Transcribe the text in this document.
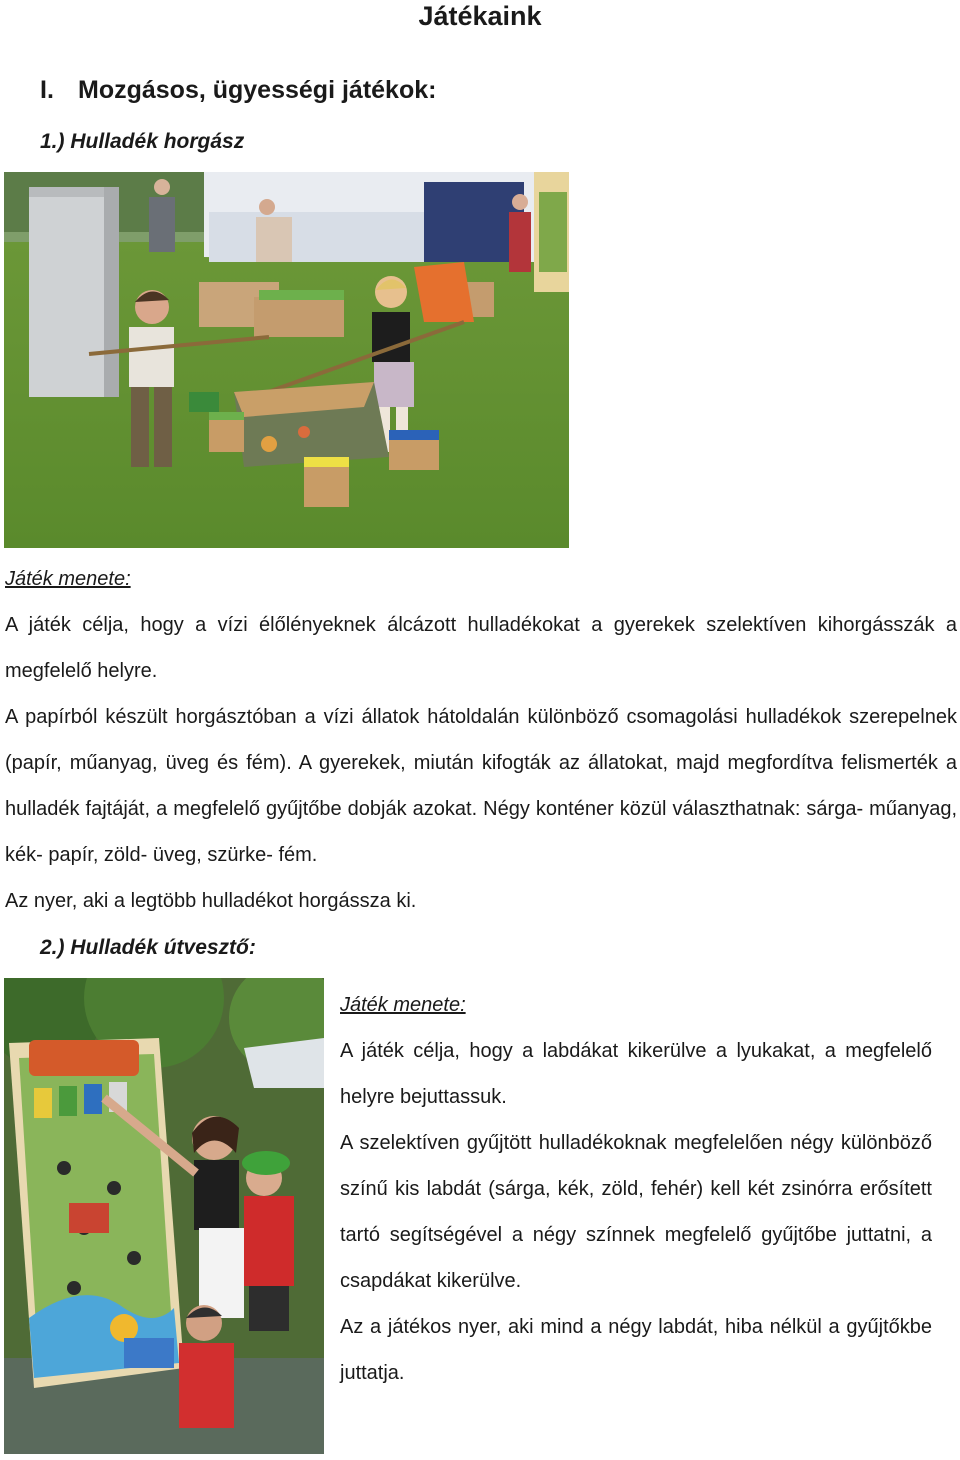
Játékaink
I. Mozgásos, ügyességi játékok:
1.) Hulladék horgász
Játék menete:

A játék célja, hogy a vízi élőlényeknek álcázott hulladékokat a gyerekek szelektíven kihorgásszák a megfelelő helyre.

A papírból készült horgásztóban a vízi állatok hátoldalán különböző csomagolási hulladékok szerepelnek (papír, műanyag, üveg és fém). A gyerekek, miután kifogták az állatokat, majd megfordítva felismerték a hulladék fajtáját, a megfelelő gyűjtőbe dobják azokat. Négy konténer közül választhatnak: sárga- műanyag, kék- papír, zöld- üveg, szürke- fém.

Az nyer, aki a legtöbb hulladékot horgássza ki.

2.) Hulladék útvesztő:
Játék menete:

A játék célja, hogy a labdákat kikerülve a lyukakat, a megfelelő helyre bejuttassuk.

A szelektíven gyűjtött hulladékoknak megfelelően négy különböző színű kis labdát (sárga, kék, zöld, fehér) kell két zsinórra erősített tartó segítségével a négy színnek megfelelő gyűjtőbe juttatni, a csapdákat kikerülve.

Az a játékos nyer, aki mind a négy labdát, hiba nélkül a gyűjtőkbe juttatja.
